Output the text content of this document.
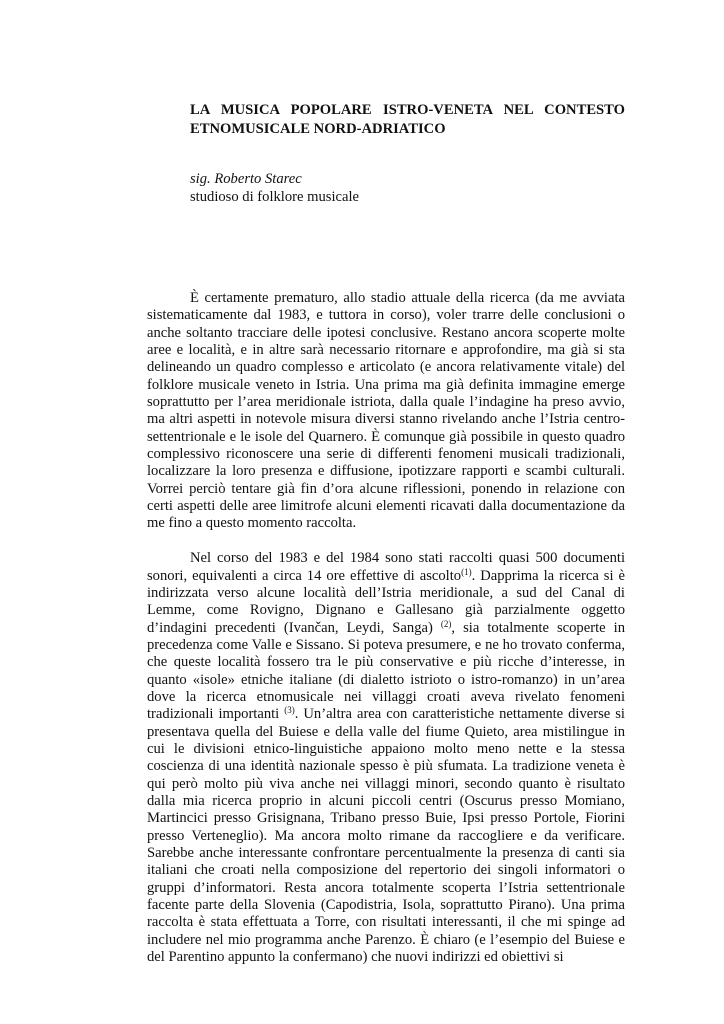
LA MUSICA POPOLARE ISTRO-VENETA NEL CONTESTO ETNOMUSICALE NORD-ADRIATICO
sig. Roberto Starec
studioso di folklore musicale

È certamente prematuro, allo stadio attuale della ricerca (da me avviata sistematicamente dal 1983, e tuttora in corso), voler trarre delle conclusioni o anche soltanto tracciare delle ipotesi conclusive. Restano ancora scoperte molte aree e località, e in altre sarà necessario ritornare e approfondire, ma già si sta delineando un quadro complesso e articolato (e ancora relativamente vitale) del folklore musicale veneto in Istria. Una prima ma già definita immagine emerge soprattutto per l’area meridionale istriota, dalla quale l’indagine ha preso avvio, ma altri aspetti in notevole misura diversi stanno rivelando anche l’Istria centro-settentrionale e le isole del Quarnero. È comunque già possibile in questo quadro complessivo riconoscere una serie di differenti fenomeni musicali tradizionali, localizzare la loro presenza e diffusione, ipotizzare rapporti e scambi culturali. Vorrei perciò tentare già fin d’ora alcune riflessioni, ponendo in relazione con certi aspetti delle aree limitrofe alcuni elementi ricavati dalla documentazione da me fino a questo momento raccolta.

Nel corso del 1983 e del 1984 sono stati raccolti quasi 500 documenti sonori, equivalenti a circa 14 ore effettive di ascolto$^{(1)}$. Dapprima la ricerca si è indirizzata verso alcune località dell’Istria meridionale, a sud del Canal di Lemme, come Rovigno, Dignano e Gallesano già parzialmente oggetto d’indagini precedenti (Ivančan, Leydi, Sanga) $^{(2)}$, sia totalmente scoperte in precedenza come Valle e Sissano. Si poteva presumere, e ne ho trovato conferma, che queste località fossero tra le più conservative e più ricche d’interesse, in quanto «isole» etniche italiane (di dialetto istrioto o istro-romanzo) in un’area dove la ricerca etnomusicale nei villaggi croati aveva rivelato fenomeni tradizionali importanti $^{(3)}$. Un’altra area con caratteristiche nettamente diverse si presentava quella del Buiese e della valle del fiume Quieto, area mistilingue in cui le divisioni etnico-linguistiche appaiono molto meno nette e la stessa coscienza di una identità nazionale spesso è più sfumata. La tradizione veneta è qui però molto più viva anche nei villaggi minori, secondo quanto è risultato dalla mia ricerca proprio in alcuni piccoli centri (Oscurus presso Momiano, Martincici presso Grisignana, Tribano presso Buie, Ipsi presso Portole, Fiorini presso Verteneglio). Ma ancora molto rimane da raccogliere e da verificare. Sarebbe anche interessante confrontare percentualmente la presenza di canti sia italiani che croati nella composizione del repertorio dei singoli informatori o gruppi d’informatori. Resta ancora totalmente scoperta l’Istria settentrionale facente parte della Slovenia (Capodistria, Isola, soprattutto Pirano). Una prima raccolta è stata effettuata a Torre, con risultati interessanti, il che mi spinge ad includere nel mio programma anche Parenzo. È chiaro (e l’esempio del Buiese e del Parentino appunto la confermano) che nuovi indirizzi ed obiettivi si
